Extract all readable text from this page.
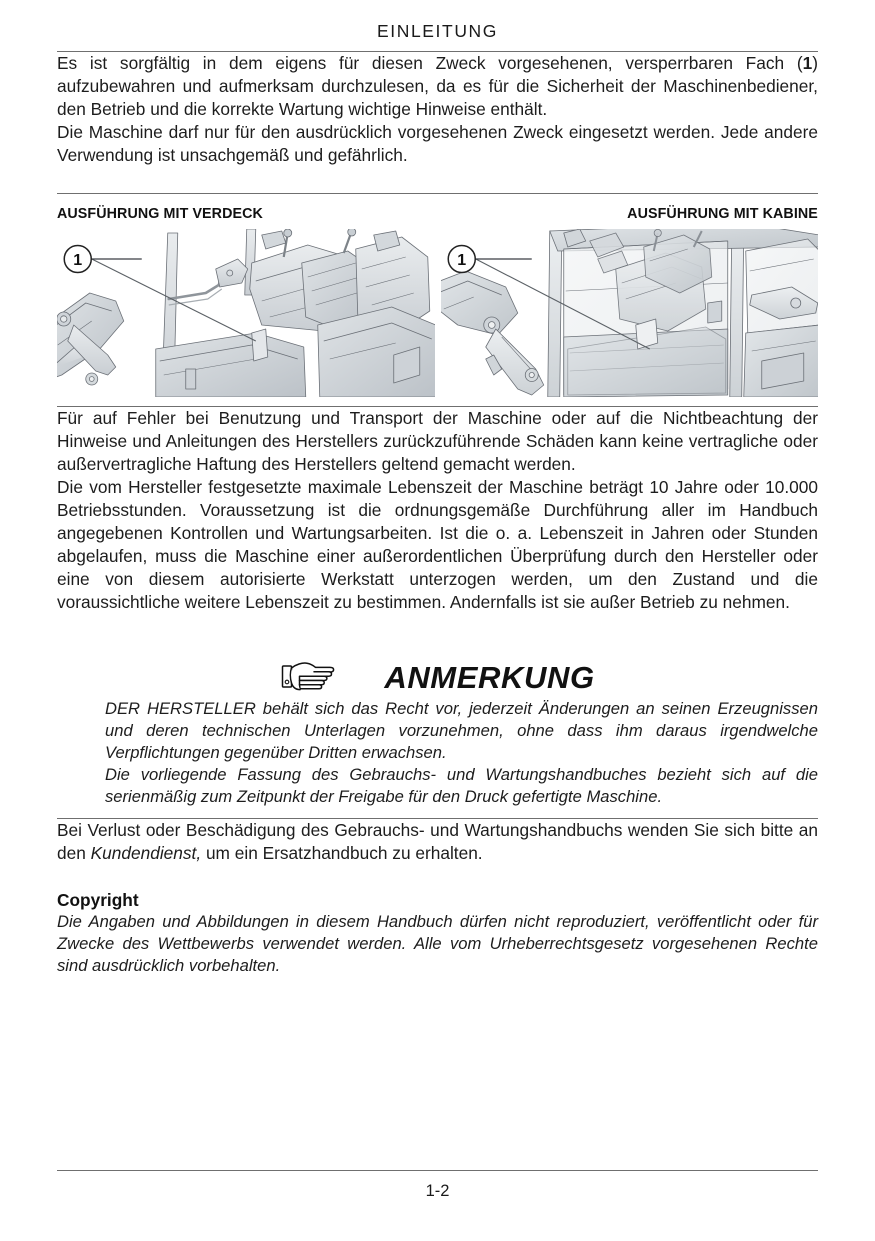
EINLEITUNG

Es ist sorgfältig in dem eigens für diesen Zweck vorgesehenen, versperrbaren Fach (1) aufzubewahren und aufmerksam durchzulesen, da es für die Sicherheit der Maschinenbediener, den Betrieb und die korrekte Wartung wichtige Hinweise enthält.

Die Maschine darf nur für den ausdrücklich vorgesehenen Zweck eingesetzt werden. Jede andere Verwendung ist unsachgemäß und gefährlich.

AUSFÜHRUNG MIT VERDECK	AUSFÜHRUNG MIT KABINE
1	1

Für auf Fehler bei Benutzung und Transport der Maschine oder auf die Nichtbeachtung der Hinweise und Anleitungen des Herstellers zurückzuführende Schäden kann keine vertragliche oder außervertragliche Haftung des Herstellers geltend gemacht werden.

Die vom Hersteller festgesetzte maximale Lebenszeit der Maschine beträgt 10 Jahre oder 10.000 Betriebsstunden. Voraussetzung ist die ordnungsgemäße Durchführung aller im Handbuch angegebenen Kontrollen und Wartungsarbeiten. Ist die o. a. Lebenszeit in Jahren oder Stunden abgelaufen, muss die Maschine einer außerordentlichen Überprüfung durch den Hersteller oder eine von diesem autorisierte Werkstatt unterzogen werden, um den Zustand und die voraussichtliche weitere Lebenszeit zu bestimmen. Andernfalls ist sie außer Betrieb zu nehmen.

ANMERKUNG

DER HERSTELLER behält sich das Recht vor, jederzeit Änderungen an seinen Erzeugnissen und deren technischen Unterlagen vorzunehmen, ohne dass ihm daraus irgendwelche Verpflichtungen gegenüber Dritten erwachsen.

Die vorliegende Fassung des Gebrauchs- und Wartungshandbuches bezieht sich auf die serienmäßig zum Zeitpunkt der Freigabe für den Druck gefertigte Maschine.

Bei Verlust oder Beschädigung des Gebrauchs- und Wartungshandbuchs wenden Sie sich bitte an den Kundendienst, um ein Ersatzhandbuch zu erhalten.

Copyright

Die Angaben und Abbildungen in diesem Handbuch dürfen nicht reproduziert, veröffentlicht oder für Zwecke des Wettbewerbs verwendet werden. Alle vom Urheberrechtsgesetz vorgesehenen Rechte sind ausdrücklich vorbehalten.

1-2
